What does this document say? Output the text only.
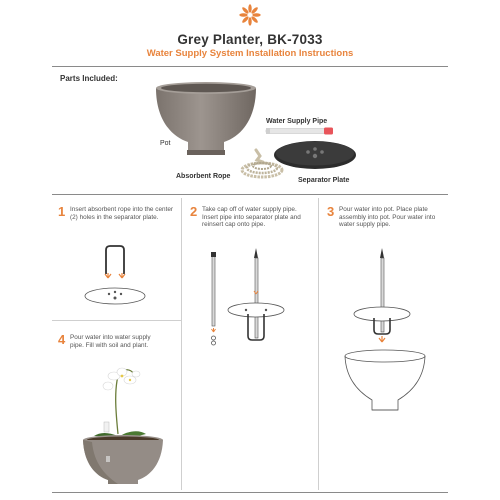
Grey Planter, BK-7033
Water Supply System Installation Instructions
Parts Included:
Pot
Water Supply Pipe
Absorbent Rope
Separator Plate
1 Insert absorbent rope into the center (2) holes in the separator plate.	2 Take cap off of water supply pipe. Insert pipe into separator plate and reinsert cap onto pipe.
3 Pour water into pot. Place plate assembly into pot. Pour water into water supply pipe.
4 Pour water into water supply pipe. Fill with soil and plant.
